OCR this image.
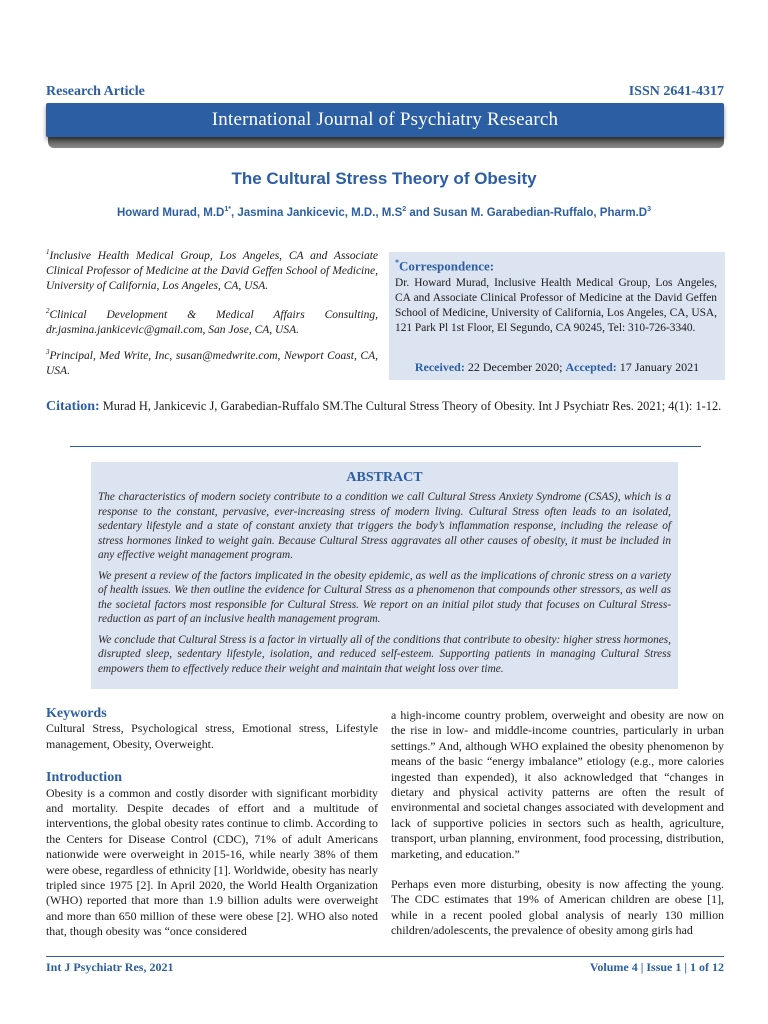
Research Article	ISSN 2641-4317
International Journal of Psychiatry Research
The Cultural Stress Theory of Obesity
Howard Murad, $M.D^{1*}$, Jasmina Jankicevic, M.D., $M.S^2$ and Susan M. Garabedian-Ruffalo, $Pharm.D^3$
$^1$Inclusive Health Medical Group, Los Angeles, CA and Associate Clinical Professor of Medicine at the David Geffen School of Medicine, University of California, Los Angeles, CA, USA.
$^2$Clinical Development & Medical Affairs Consulting, dr.jasmina.jankicevic@gmail.com, San Jose, CA, USA.
$^3$Principal, Med Write, Inc, susan@medwrite.com, Newport Coast, CA, USA.
*Correspondence:
Dr. Howard Murad, Inclusive Health Medical Group, Los Angeles, CA and Associate Clinical Professor of Medicine at the David Geffen School of Medicine, University of California, Los Angeles, CA, USA, 121 Park Pl 1st Floor, El Segundo, CA 90245, Tel: 310-726-3340.
Received: 22 December 2020; Accepted: 17 January 2021
Citation: Murad H, Jankicevic J, Garabedian-Ruffalo SM.The Cultural Stress Theory of Obesity. Int J Psychiatr Res. 2021; 4(1): 1-12.
ABSTRACT

The characteristics of modern society contribute to a condition we call Cultural Stress Anxiety Syndrome (CSAS), which is a response to the constant, pervasive, ever-increasing stress of modern living. Cultural Stress often leads to an isolated, sedentary lifestyle and a state of constant anxiety that triggers the body’s inflammation response, including the release of stress hormones linked to weight gain. Because Cultural Stress aggravates all other causes of obesity, it must be included in any effective weight management program.

We present a review of the factors implicated in the obesity epidemic, as well as the implications of chronic stress on a variety of health issues. We then outline the evidence for Cultural Stress as a phenomenon that compounds other stressors, as well as the societal factors most responsible for Cultural Stress. We report on an initial pilot study that focuses on Cultural Stress-reduction as part of an inclusive health management program.

We conclude that Cultural Stress is a factor in virtually all of the conditions that contribute to obesity: higher stress hormones, disrupted sleep, sedentary lifestyle, isolation, and reduced self-esteem. Supporting patients in managing Cultural Stress empowers them to effectively reduce their weight and maintain that weight loss over time.

Keywords

Cultural Stress, Psychological stress, Emotional stress, Lifestyle management, Obesity, Overweight.

Introduction

Obesity is a common and costly disorder with significant morbidity and mortality. Despite decades of effort and a multitude of interventions, the global obesity rates continue to climb. According to the Centers for Disease Control (CDC), 71% of adult Americans nationwide were overweight in 2015-16, while nearly 38% of them were obese, regardless of ethnicity [1]. Worldwide, obesity has nearly tripled since 1975 [2]. In April 2020, the World Health Organization (WHO) reported that more than 1.9 billion adults were overweight and more than 650 million of these were obese [2]. WHO also noted that, though obesity was “once considered

a high-income country problem, overweight and obesity are now on the rise in low- and middle-income countries, particularly in urban settings.” And, although WHO explained the obesity phenomenon by means of the basic “energy imbalance” etiology (e.g., more calories ingested than expended), it also acknowledged that “changes in dietary and physical activity patterns are often the result of environmental and societal changes associated with development and lack of supportive policies in sectors such as health, agriculture, transport, urban planning, environment, food processing, distribution, marketing, and education.”

Perhaps even more disturbing, obesity is now affecting the young. The CDC estimates that 19% of American children are obese [1], while in a recent pooled global analysis of nearly 130 million children/adolescents, the prevalence of obesity among girls had

Int J Psychiatr Res, 2021	Volume 4 | Issue 1 | 1 of 12
